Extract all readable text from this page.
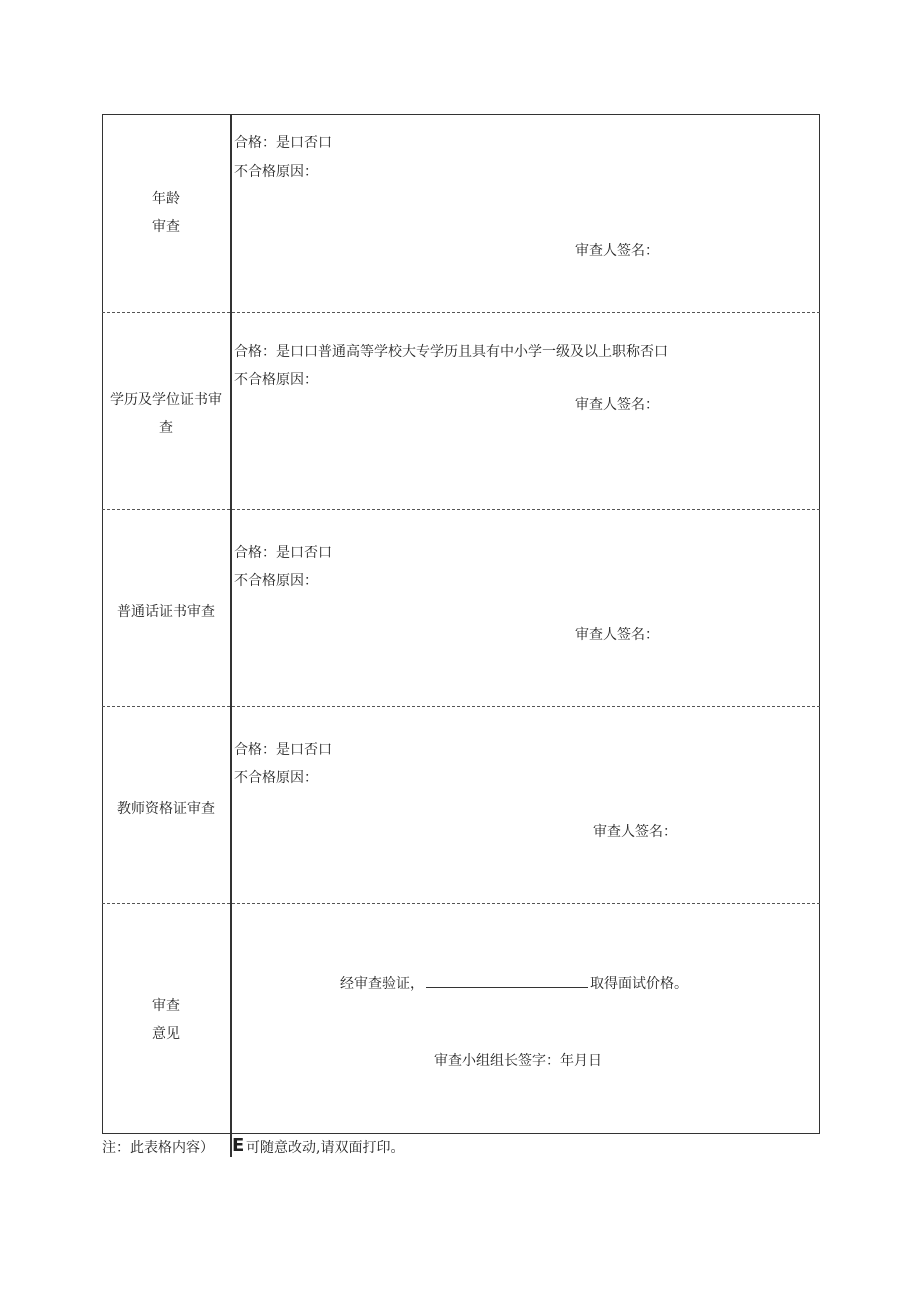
年龄
审查
合格：是口否口
不合格原因：
审查人签名：
学历及学位证书审
查
合格：是口口普通高等学校大专学历且具有中小学一级及以上职称否口
不合格原因：
审查人签名：
普通话证书审查
合格：是口否口
不合格原因：
审查人签名：
教师资格证审查
合格：是口否口
不合格原因：
审查人签名：
审查
意见
经审查验证，	取得面试价格。
审查小组组长签字：年月日
注：此表格内容） E 可随意改动,请双面打印。
